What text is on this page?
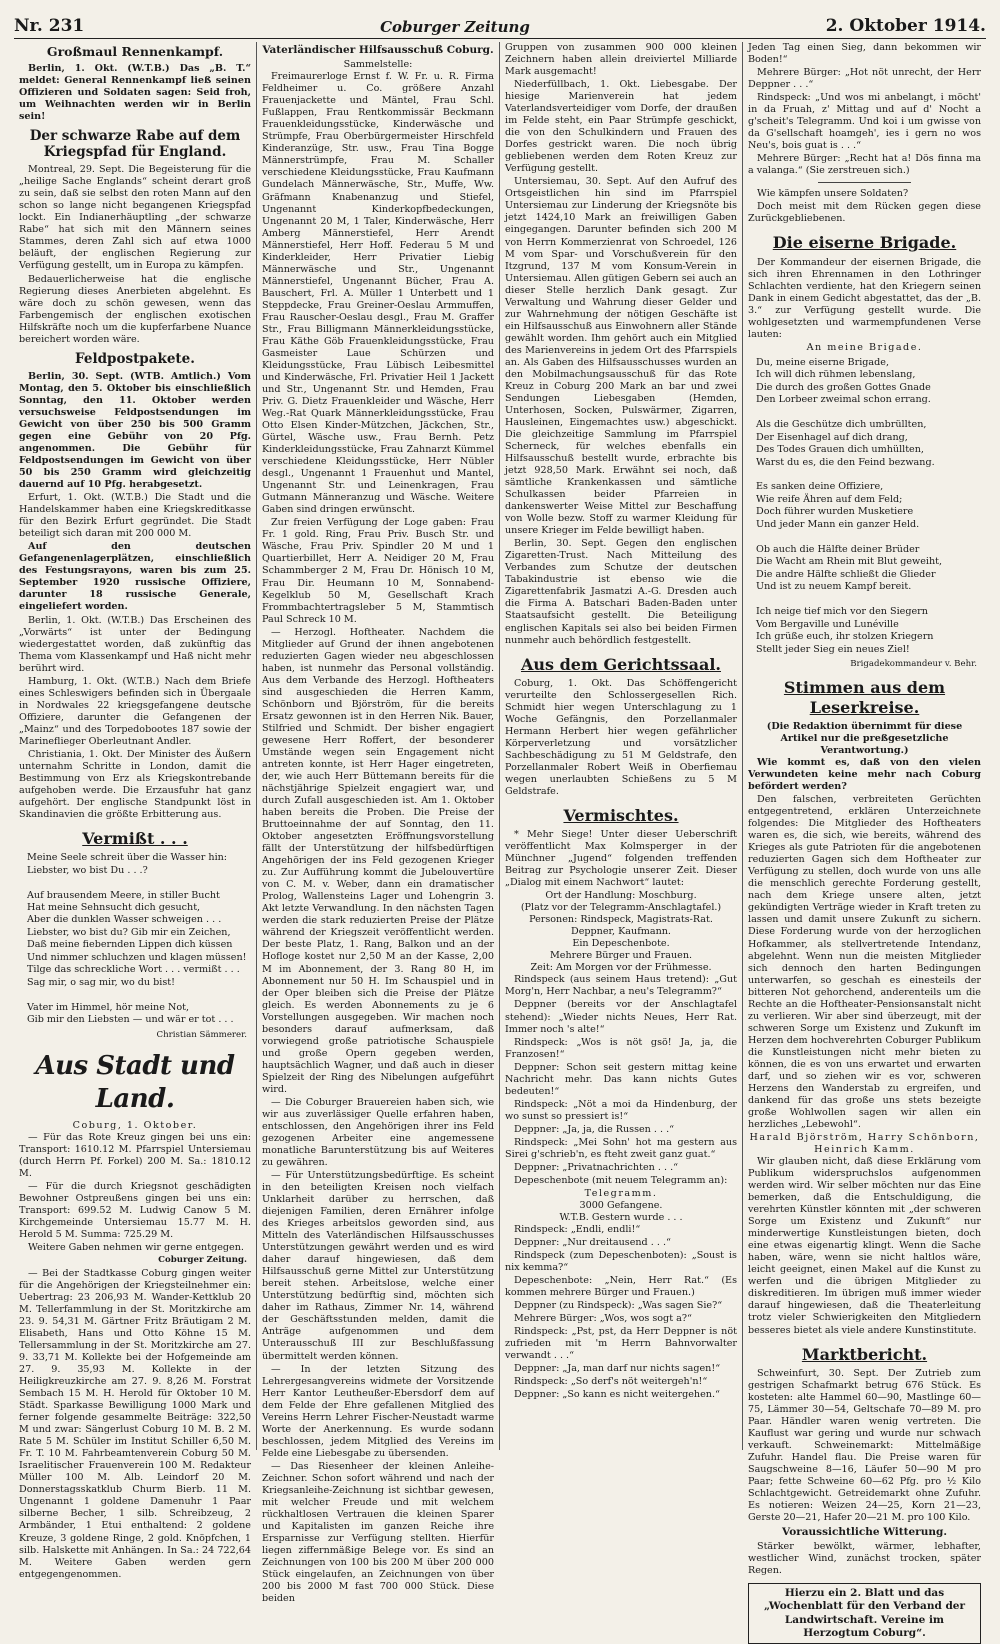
Nr. 231	Coburger Zeitung	2. Oktober 1914.
Großmaul Rennenkampf.

Berlin, 1. Okt. (W.T.B.) Das „B. T.“ meldet: General Rennenkampf ließ seinen Offizieren und Soldaten sagen: Seid froh, um Weihnachten werden wir in Berlin sein!

Der schwarze Rabe auf dem Kriegspfad für England.

Montreal, 29. Sept. Die Begeisterung für die „heilige Sache Englands“ scheint derart groß zu sein, daß sie selbst den roten Mann auf den schon so lange nicht begangenen Kriegspfad lockt. Ein Indianerhäuptling „der schwarze Rabe“ hat sich mit den Männern seines Stammes, deren Zahl sich auf etwa 1000 beläuft, der englischen Regierung zur Verfügung gestellt, um in Europa zu kämpfen.

Bedauerlicherweise hat die englische Regierung dieses Anerbieten abgelehnt. Es wäre doch zu schön gewesen, wenn das Farbengemisch der englischen exotischen Hilfskräfte noch um die kupferfarbene Nuance bereichert worden wäre.

Feldpostpakete.

Berlin, 30. Sept. (WTB. Amtlich.) Vom Montag, den 5. Oktober bis einschließlich Sonntag, den 11. Oktober werden versuchsweise Feldpostsendungen im Gewicht von über 250 bis 500 Gramm gegen eine Gebühr von 20 Pfg. angenommen. Die Gebühr für Feldpostsendungen im Gewicht von über 50 bis 250 Gramm wird gleichzeitig dauernd auf 10 Pfg. herabgesetzt.

Erfurt, 1. Okt. (W.T.B.) Die Stadt und die Handelskammer haben eine Kriegskreditkasse für den Bezirk Erfurt gegründet. Die Stadt beteiligt sich daran mit 200 000 M.

Auf den deutschen Gefangenenlagerplätzen, einschließlich des Festungsrayons, waren bis zum 25. September 1920 russische Offiziere, darunter 18 russische Generale, eingeliefert worden.

Berlin, 1. Okt. (W.T.B.) Das Erscheinen des „Vorwärts“ ist unter der Bedingung wiedergestattet worden, daß zukünftig das Thema vom Klassenkampf und Haß nicht mehr berührt wird.

Hamburg, 1. Okt. (W.T.B.) Nach dem Briefe eines Schleswigers befinden sich in Übergaale in Nordwales 22 kriegsgefangene deutsche Offiziere, darunter die Gefangenen der „Mainz“ und des Torpedobootes 187 sowie der Marineflieger Oberleutnant Andler.

Christiania, 1. Okt. Der Minister des Äußern unternahm Schritte in London, damit die Bestimmung von Erz als Kriegskontrebande aufgehoben werde. Die Erzausfuhr hat ganz aufgehört. Der englische Standpunkt löst in Skandinavien die größte Erbitterung aus.

Vermißt . . .
Meine Seele schreit über die Wasser hin:
Liebster, wo bist Du . . .?

Auf brausendem Meere, in stiller Bucht
Hat meine Sehnsucht dich gesucht,
Aber die dunklen Wasser schweigen . . .
Liebster, wo bist du? Gib mir ein Zeichen,
Daß meine fiebernden Lippen dich küssen
Und nimmer schluchzen und klagen müssen!
Tilge das schreckliche Wort . . . vermißt . . .
Sag mir, o sag mir, wo du bist!

Vater im Himmel, hör meine Not,
Gib mir den Liebsten — und wär er tot . . .
Christian Sämmerer.
Aus Stadt und Land.
Coburg, 1. Oktober.

— Für das Rote Kreuz gingen bei uns ein: Transport: 1610.12 M. Pfarrspiel Untersiemau (durch Herrn Pf. Forkel) 200 M. Sa.: 1810.12 M.

— Für die durch Kriegsnot geschädigten Bewohner Ostpreußens gingen bei uns ein: Transport: 699.52 M. Ludwig Canow 5 M. Kirchgemeinde Untersiemau 15.77 M. H. Herold 5 M. Summa: 725.29 M.

Weitere Gaben nehmen wir gerne entgegen.

Coburger Zeitung.

— Bei der Stadtkasse Coburg gingen weiter für die Angehörigen der Kriegsteilnehmer ein: Uebertrag: 23 206,93 M. Wander-Kettklub 20 M. Tellerfammlung in der St. Moritzkirche am 23. 9. 54,31 M. Gärtner Fritz Bräutigam 2 M. Elisabeth, Hans und Otto Köhne 15 M. Tellersammlung in der St. Moritzkirche am 27. 9. 33,71 M. Kollekte bei der Hofgemeinde am 27. 9. 35,93 M. Kollekte in der Heiligkreuzkirche am 27. 9. 8,26 M. Forstrat Sembach 15 M. H. Herold für Oktober 10 M. Städt. Sparkasse Bewilligung 1000 Mark und ferner folgende gesammelte Beiträge: 322,50 M und zwar: Sängerlust Coburg 10 M. B. 2 M. Rate 5 M. Schüler im Institut Schiller 6,50 M. Fr. T. 10 M. Fahrbeamtenverein Coburg 50 M. Israelitischer Frauenverein 100 M. Redakteur Müller 100 M. Alb. Leindorf 20 M. Donnerstagsskatklub Churm Bierb. 11 M. Ungenannt 1 goldene Damenuhr 1 Paar silberne Becher, 1 silb. Schreibzeug, 2 Armbänder, 1 Etui enthaltend: 2 goldene Kreuze, 3 goldene Ringe, 2 gold. Knöpfchen, 1 silb. Halskette mit Anhängen. In Sa.: 24 722,64 M. Weitere Gaben werden gern entgegengenommen.

Vaterländischer Hilfsausschuß Coburg.
Sammelstelle:

Freimaurerloge Ernst f. W. Fr. u. R. Firma Feldheimer u. Co. größere Anzahl Frauenjackette und Mäntel, Frau Schl. Fußlappen, Frau Rentkommissär Beckmann Frauenkleidungsstücke, Kinderwäsche und Strümpfe, Frau Oberbürgermeister Hirschfeld Kinderanzüge, Str. usw., Frau Tina Bogge Männerstrümpfe, Frau M. Schaller verschiedene Kleidungsstücke, Frau Kaufmann Gundelach Männerwäsche, Str., Muffe, Ww. Gräfmann Knabenanzug und Stiefel, Ungenannt Kinderkopfbedeckungen, Ungenannt 20 M, 1 Taler, Kinderwäsche, Herr Amberg Männerstiefel, Herr Arendt Männerstiefel, Herr Hoff. Federau 5 M und Kinderkleider, Herr Privatier Liebig Männerwäsche und Str., Ungenannt Männerstiefel, Ungenannt Bücher, Frau A. Bauschert, Frl. A. Müller 1 Unterbett und 1 Steppdecke, Frau Greiner-Oeslau Armmuffen, Frau Rauscher-Oeslau desgl., Frau M. Graffer Str., Frau Billigmann Männerkleidungsstücke, Frau Käthe Göb Frauenkleidungsstücke, Frau Gasmeister Laue Schürzen und Kleidungsstücke, Frau Lübisch Leibesmittel und Kinderwäsche, Frl. Privatier Heil 1 Jackett und Str., Ungenannt Str. und Hemden, Frau Priv. G. Dietz Frauenkleider und Wäsche, Herr Weg.-Rat Quark Männerkleidungsstücke, Frau Otto Elsen Kinder-Mützchen, Jäckchen, Str., Gürtel, Wäsche usw., Frau Bernh. Petz Kinderkleidungsstücke, Frau Zahnarzt Kümmel verschiedene Kleidungsstücke, Herr Nübler desgl., Ungenannt 1 Frauenhut und Mantel, Ungenannt Str. und Leinenkragen, Frau Gutmann Männeranzug und Wäsche. Weitere Gaben sind dringen erwünscht.

Zur freien Verfügung der Loge gaben: Frau Fr. 1 gold. Ring, Frau Priv. Busch Str. und Wäsche, Frau Priv. Spindler 20 M und 1 Quartierbillet, Herr A. Neidiger 20 M, Frau Schammberger 2 M, Frau Dr. Hönisch 10 M, Frau Dir. Heumann 10 M, Sonnabend-Kegelklub 50 M, Gesellschaft Krach Frommbachtertragsleber 5 M, Stammtisch Paul Schreck 10 M.

— Herzogl. Hoftheater. Nachdem die Mitglieder auf Grund der ihnen angebotenen reduzierten Gagen wieder neu abgeschlossen haben, ist nunmehr das Personal vollständig. Aus dem Verbande des Herzogl. Hoftheaters sind ausgeschieden die Herren Kamm, Schönborn und Björström, für die bereits Ersatz gewonnen ist in den Herren Nik. Bauer, Stilfried und Schmidt. Der bisher engagiert gewesene Herr Roffert, der besonderer Umstände wegen sein Engagement nicht antreten konnte, ist Herr Hager eingetreten, der, wie auch Herr Büttemann bereits für die nächstjährige Spielzeit engagiert war, und durch Zufall ausgeschieden ist. Am 1. Oktober haben bereits die Proben. Die Preise der Bruttoeinnahme der auf Sonntag, den 11. Oktober angesetzten Eröffnungsvorstellung fällt der Unterstützung der hilfsbedürftigen Angehörigen der ins Feld gezogenen Krieger zu. Zur Aufführung kommt die Jubelouvertüre von C. M. v. Weber, dann ein dramatischer Prolog, Wallensteins Lager und Lohengrin 3. Akt letzte Verwandlung. In den nächsten Tagen werden die stark reduzierten Preise der Plätze während der Kriegszeit veröffentlicht werden. Der beste Platz, 1. Rang, Balkon und an der Hofloge kostet nur 2,50 M an der Kasse, 2,00 M im Abonnement, der 3. Rang 80 H, im Abonnement nur 50 H. Im Schauspiel und in der Oper bleiben sich die Preise der Plätze gleich. Es werden Abonnements zu je 6 Vorstellungen ausgegeben. Wir machen noch besonders darauf aufmerksam, daß vorwiegend große patriotische Schauspiele und große Opern gegeben werden, hauptsächlich Wagner, und daß auch in dieser Spielzeit der Ring des Nibelungen aufgeführt wird.

— Die Coburger Brauereien haben sich, wie wir aus zuverlässiger Quelle erfahren haben, entschlossen, den Angehörigen ihrer ins Feld gezogenen Arbeiter eine angemessene monatliche Barunterstützung bis auf Weiteres zu gewähren.

— Für Unterstützungsbedürftige. Es scheint in den beteiligten Kreisen noch vielfach Unklarheit darüber zu herrschen, daß diejenigen Familien, deren Ernährer infolge des Krieges arbeitslos geworden sind, aus Mitteln des Vaterländischen Hilfsausschusses Unterstützungen gewährt werden und es wird daher darauf hingewiesen, daß dem Hilfsausschuß gerne Mittel zur Unterstützung bereit stehen. Arbeitslose, welche einer Unterstützung bedürftig sind, möchten sich daher im Rathaus, Zimmer Nr. 14, während der Geschäftsstunden melden, damit die Anträge aufgenommen und dem Unterausschuß III zur Beschlußfassung übermittelt werden können.

— In der letzten Sitzung des Lehrergesangvereins widmete der Vorsitzende Herr Kantor Leutheußer-Ebersdorf dem auf dem Felde der Ehre gefallenen Mitglied des Vereins Herrn Lehrer Fischer-Neustadt warme Worte der Anerkennung. Es wurde sodann beschlossen, jedem Mitglied des Vereins im Felde eine Liebesgabe zu übersenden.

— Das Riesenheer der kleinen Anleihe-Zeichner. Schon sofort während und nach der Kriegsanleihe-Zeichnung ist sichtbar gewesen, mit welcher Freude und mit welchem rückhaltlosen Vertrauen die kleinen Sparer und Kapitalisten im ganzen Reiche ihre Ersparnisse zur Verfügung stellten. Hierfür liegen ziffernmäßige Belege vor. Es sind an Zeichnungen von 100 bis 200 M über 200 000 Stück eingelaufen, an Zeichnungen von über 200 bis 2000 M fast 700 000 Stück. Diese beiden

Gruppen von zusammen 900 000 kleinen Zeichnern haben allein dreiviertel Milliarde Mark ausgemacht!

Niederfüllbach, 1. Okt. Liebesgabe. Der hiesige Marienverein hat jedem Vaterlandsverteidiger vom Dorfe, der draußen im Felde steht, ein Paar Strümpfe geschickt, die von den Schulkindern und Frauen des Dorfes gestrickt waren. Die noch übrig gebliebenen werden dem Roten Kreuz zur Verfügung gestellt.

Untersiemau, 30. Sept. Auf den Aufruf des Ortsgeistlichen hin sind im Pfarrspiel Untersiemau zur Linderung der Kriegsnöte bis jetzt 1424,10 Mark an freiwilligen Gaben eingegangen. Darunter befinden sich 200 M von Herrn Kommerzienrat von Schroedel, 126 M vom Spar- und Vorschußverein für den Itzgrund, 137 M vom Konsum-Verein in Untersiemau. Allen gütigen Gebern sei auch an dieser Stelle herzlich Dank gesagt. Zur Verwaltung und Wahrung dieser Gelder und zur Wahrnehmung der nötigen Geschäfte ist ein Hilfsausschuß aus Einwohnern aller Stände gewählt worden. Ihm gehört auch ein Mitglied des Marienvereins in jedem Ort des Pfarrspiels an. Als Gaben des Hilfsausschusses wurden an den Mobilmachungsausschuß für das Rote Kreuz in Coburg 200 Mark an bar und zwei Sendungen Liebesgaben (Hemden, Unterhosen, Socken, Pulswärmer, Zigarren, Hausleinen, Eingemachtes usw.) abgeschickt. Die gleichzeitige Sammlung im Pfarrspiel Scherneck, für welches ebenfalls ein Hilfsausschuß bestellt wurde, erbrachte bis jetzt 928,50 Mark. Erwähnt sei noch, daß sämtliche Krankenkassen und sämtliche Schulkassen beider Pfarreien in dankenswerter Weise Mittel zur Beschaffung von Wolle bezw. Stoff zu warmer Kleidung für unsere Krieger im Felde bewilligt haben.

Berlin, 30. Sept. Gegen den englischen Zigaretten-Trust. Nach Mitteilung des Verbandes zum Schutze der deutschen Tabakindustrie ist ebenso wie die Zigarettenfabrik Jasmatzi A.-G. Dresden auch die Firma A. Batschari Baden-Baden unter Staatsaufsicht gestellt. Die Beteiligung englischen Kapitals sei also bei beiden Firmen nunmehr auch behördlich festgestellt.

Aus dem Gerichtssaal.

Coburg, 1. Okt. Das Schöffengericht verurteilte den Schlossergesellen Rich. Schmidt hier wegen Unterschlagung zu 1 Woche Gefängnis, den Porzellanmaler Hermann Herbert hier wegen gefährlicher Körperverletzung und vorsätzlicher Sachbeschädigung zu 51 M Geldstrafe, den Porzellanmaler Robert Weiß in Oberfiemau wegen unerlaubten Schießens zu 5 M Geldstrafe.

Vermischtes.

* Mehr Siege! Unter dieser Ueberschrift veröffentlicht Max Kolmsperger in der Münchner „Jugend“ folgenden treffenden Beitrag zur Psychologie unserer Zeit. Dieser „Dialog mit einem Nachwort“ lautet:

Ort der Handlung: Moschburg.
(Platz vor der Telegramm-Anschlagtafel.)
Personen: Rindspeck, Magistrats-Rat.
Deppner, Kaufmann.
Ein Depeschenbote.
Mehrere Bürger und Frauen.
Zeit: Am Morgen vor der Frühmesse.

Rindspeck (aus seinem Haus tretend): „Gut Morg'n, Herr Nachbar, a neu's Telegramm?“

Deppner (bereits vor der Anschlagtafel stehend): „Wieder nichts Neues, Herr Rat. Immer noch 's alte!“

Rindspeck: „Wos is nöt gsö! Ja, ja, die Franzosen!“

Deppner: Schon seit gestern mittag keine Nachricht mehr. Das kann nichts Gutes bedeuten!“

Rindspeck: „Nöt a moi da Hindenburg, der wo sunst so pressiert is!“

Deppner: „Ja, ja, die Russen . . .“

Rindspeck: „Mei Sohn' hot ma gestern aus Sirei g'schrieb'n, es fteht zweit ganz guat.“

Deppner: „Privatnachrichten . . .“

Depeschenbote (mit neuem Telegramm an):

Telegramm.
3000 Gefangene.
W.T.B. Gestern wurde . . .

Rindspeck: „Endli, endli!“

Deppner: „Nur dreitausend . . .“

Rindspeck (zum Depeschenboten): „Soust is nix kemma?“

Depeschenbote: „Nein, Herr Rat.“ (Es kommen mehrere Bürger und Frauen.)

Deppner (zu Rindspeck): „Was sagen Sie?“

Mehrere Bürger: „Wos, wos sogt a?“

Rindspeck: „Pst, pst, da Herr Deppner is nöt zufrieden mit 'm Herrn Bahnvorwalter verwandt . . .“

Deppner: „Ja, man darf nur nichts sagen!“

Rindspeck: „So derf's nöt weitergeh'n!“

Deppner: „So kann es nicht weitergehen.“

Jeden Tag einen Sieg, dann bekommen wir Boden!“

Mehrere Bürger: „Hot nöt unrecht, der Herr Deppner . . .“

Rindspeck: „Und wos mi anbelangt, i möcht' in da Fruah, z' Mittag und auf d' Nocht a g'scheit's Telegramm. Und koi i um gwisse von da G'sellschaft hoamgeh', ies i gern no wos Neu's, bois guat is . . .“

Mehrere Bürger: „Recht hat a! Dös finna ma a valanga.“ (Sie zerstreuen sich.)

Wie kämpfen unsere Soldaten?

Doch meist mit dem Rücken gegen diese Zurückgebliebenen.

Die eiserne Brigade.

Der Kommandeur der eisernen Brigade, die sich ihren Ehrennamen in den Lothringer Schlachten verdiente, hat den Kriegern seinen Dank in einem Gedicht abgestattet, das der „B. 3.“ zur Verfügung gestellt wurde. Die wohlgesetzten und warmempfundenen Verse lauten:

An meine Brigade.
Du, meine eiserne Brigade,
Ich will dich rühmen lebenslang,
Die durch des großen Gottes Gnade
Den Lorbeer zweimal schon errang.

Als die Geschütze dich umbrüllten,
Der Eisenhagel auf dich drang,
Des Todes Grauen dich umhüllten,
Warst du es, die den Feind bezwang.

Es sanken deine Offiziere,
Wie reife Ähren auf dem Feld;
Doch führer wurden Musketiere
Und jeder Mann ein ganzer Held.

Ob auch die Hälfte deiner Brüder
Die Wacht am Rhein mit Blut geweiht,
Die andre Hälfte schließt die Glieder
Und ist zu neuem Kampf bereit.

Ich neige tief mich vor den Siegern
Vom Bergaville und Lunéville
Ich grüße euch, ihr stolzen Kriegern
Stellt jeder Sieg ein neues Ziel!
Brigadekommandeur v. Behr.
Stimmen aus dem Leserkreise.
(Die Redaktion übernimmt für diese Artikel nur die preßgesetzliche Verantwortung.)

Wie kommt es, daß von den vielen Verwundeten keine mehr nach Coburg befördert werden?

Den falschen, verbreiteten Gerüchten entgegentretend, erklären Unterzeichnete folgendes: Die Mitglieder des Hoftheaters waren es, die sich, wie bereits, während des Krieges als gute Patrioten für die angebotenen reduzierten Gagen sich dem Hoftheater zur Verfügung zu stellen, doch wurde von uns alle die menschlich gerechte Forderung gestellt, nach dem Kriege unsere alten, jetzt gekündigten Verträge wieder in Kraft treten zu lassen und damit unsere Zukunft zu sichern. Diese Forderung wurde von der herzoglichen Hofkammer, als stellvertretende Intendanz, abgelehnt. Wenn nun die meisten Mitglieder sich dennoch den harten Bedingungen unterwarfen, so geschah es einesteils der bitteren Not gehorchend, anderenteils um die Rechte an die Hoftheater-Pensionsanstalt nicht zu verlieren. Wir aber sind überzeugt, mit der schweren Sorge um Existenz und Zukunft im Herzen dem hochverehrten Coburger Publikum die Kunstleistungen nicht mehr bieten zu können, die es von uns erwartet und erwarten darf, und so ziehen wir es vor, schweren Herzens den Wanderstab zu ergreifen, und dankend für das große uns stets bezeigte große Wohlwollen sagen wir allen ein herzliches „Lebewohl“.

Harald Björström, Harry Schönborn, Heinrich Kamm.

Wir glauben nicht, daß diese Erklärung vom Publikum widerspruchslos aufgenommen werden wird. Wir selber möchten nur das Eine bemerken, daß die Entschuldigung, die verehrten Künstler könnten mit „der schweren Sorge um Existenz und Zukunft“ nur minderwertige Kunstleistungen bieten, doch eine etwas eigenartig klingt. Wenn die Sache haben, wäre, wenn sie nicht haltlos wäre, leicht geeignet, einen Makel auf die Kunst zu werfen und die übrigen Mitglieder zu diskreditieren. Im übrigen muß immer wieder darauf hingewiesen, daß die Theaterleitung trotz vieler Schwierigkeiten den Mitgliedern besseres bietet als viele andere Kunstinstitute.

Marktbericht.

Schweinfurt, 30. Sept. Der Zutrieb zum gestrigen Schafmarkt betrug 676 Stück. Es kosteten: alte Hammel 60—90, Mastlinge 60—75, Lämmer 30—54, Geltschafe 70—89 M. pro Paar. Händler waren wenig vertreten. Die Kauflust war gering und wurde nur schwach verkauft. Schweinemarkt: Mittelmäßige Zufuhr. Handel flau. Die Preise waren für Saugschweine 8—16, Läufer 50—90 M pro Paar; fette Schweine 60—62 Pfg. pro ½ Kilo Schlachtgewicht. Getreidemarkt ohne Zufuhr. Es notieren: Weizen 24—25, Korn 21—23, Gerste 20—21, Hafer 20—21 M. pro 100 Kilo.

Voraussichtliche Witterung.

Stärker bewölkt, wärmer, lebhafter, westlicher Wind, zunächst trocken, später Regen.

Hierzu ein 2. Blatt und das „Wochenblatt für den Verband der Landwirtschaft. Vereine im Herzogtum Coburg“.
